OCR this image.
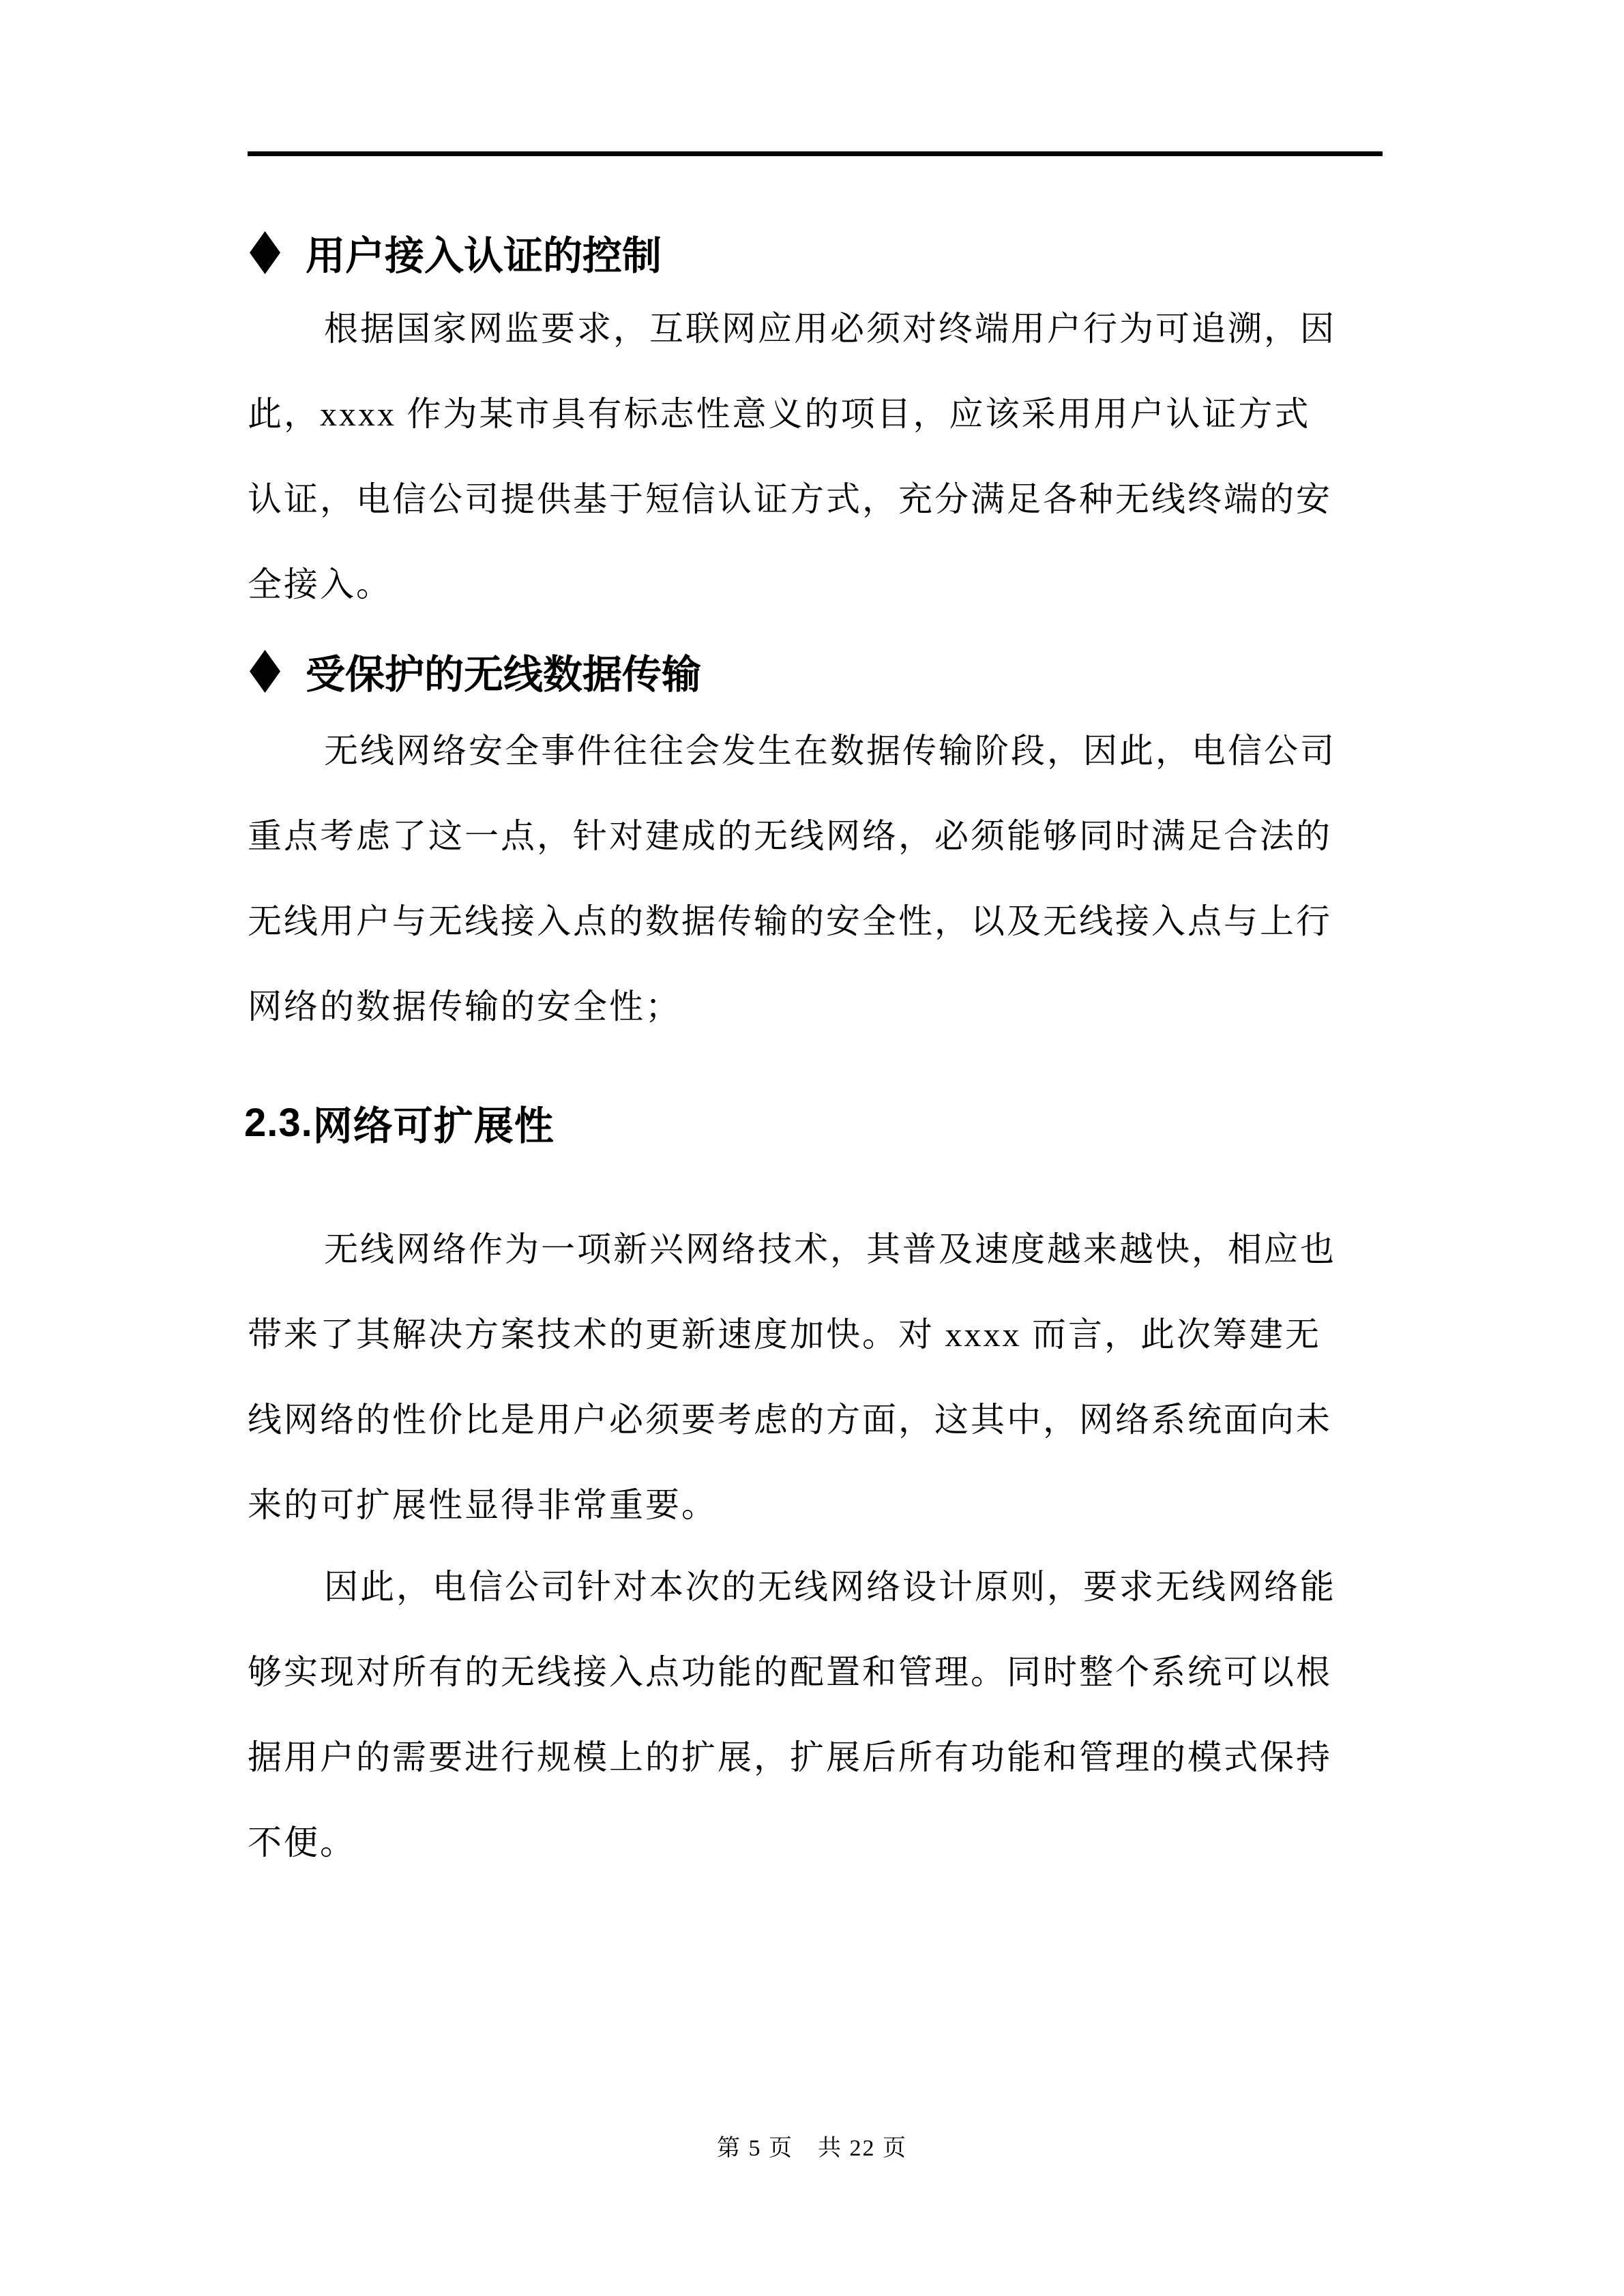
用户接入认证的控制
根据国家网监要求，互联网应用必须对终端用户行为可追溯，因
此，xxxx 作为某市具有标志性意义的项目，应该采用用户认证方式
认证，电信公司提供基于短信认证方式，充分满足各种无线终端的安
全接入。
受保护的无线数据传输
无线网络安全事件往往会发生在数据传输阶段，因此，电信公司
重点考虑了这一点，针对建成的无线网络，必须能够同时满足合法的
无线用户与无线接入点的数据传输的安全性，以及无线接入点与上行
网络的数据传输的安全性；
2.3. 网络可扩展性
无线网络作为一项新兴网络技术，其普及速度越来越快，相应也
带来了其解决方案技术的更新速度加快。对 xxxx 而言，此次筹建无
线网络的性价比是用户必须要考虑的方面，这其中，网络系统面向未
来的可扩展性显得非常重要。
因此，电信公司针对本次的无线网络设计原则，要求无线网络能
够实现对所有的无线接入点功能的配置和管理。同时整个系统可以根
据用户的需要进行规模上的扩展，扩展后所有功能和管理的模式保持
不便。
第 5 页　共 22 页
